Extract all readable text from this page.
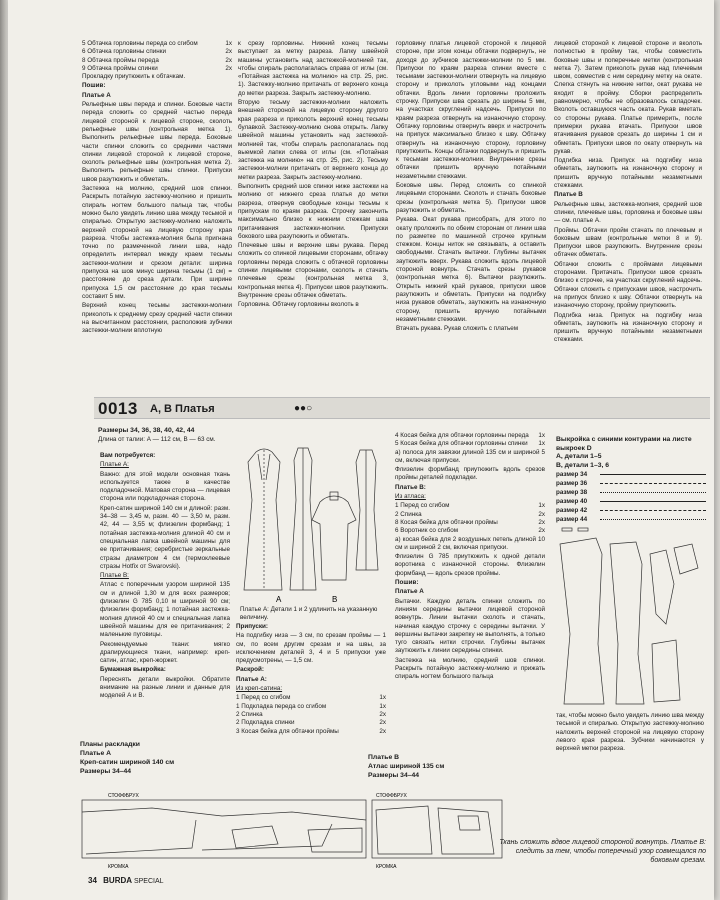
5 Обтачка горловины переда со сгибом	1x
6 Обтачка горловины спинки	2x
8 Обтачка проймы переда	2x
9 Обтачка проймы спинки	2x

Прокладку приутюжить к обтачкам.

Пошив:

Платье А

Рельефные швы переда и спинки. Боковые части переда сложить со средней частью переда лицевой стороной к лицевой стороне, сколоть рельефные швы (контрольная метка 1). Выполнить рельефные швы переда. Боковые части спинки сложить со средними частями спинки лицевой стороной к лицевой стороне, сколоть рельефные швы (контрольная метка 2). Выполнить рельефные швы спинки. Припуски швов разутюжить и обметать.

Застежка на молнию, средний шов спинки. Раскрыть потайную застежку-молнию и пришить спираль ногтем большого пальца так, чтобы можно было увидеть линию шва между тесьмой и спиралью. Открытую застежку-молнию наложить верхней стороной на лицевую сторону края разреза. Чтобы застежка-молния была пригнана точно по размеченной линии шва, надо определить интервал между краем тесьмы застежки-молнии и срезом детали: ширина припуска на шов минус ширина тесьмы (1 см) = расстояние до среза детали. При ширине припуска 1,5 см расстояние до края тесьмы составит 5 мм.

Верхний конец тесьмы застежки-молнии приколоть к среднему срезу средней части спинки на высчитанном расстоянии, расположив зубчики застежки-молнии вплотную

к срезу горловины. Нижний конец тесьмы выступает за метку разреза. Лапку швейной машины установить над застежкой-молнией так, чтобы спираль располагалась справа от иглы (см. «Потайная застежка на молнию» на стр. 25, рис. 1). Застежку-молнию притачать от верхнего конца до метки разреза. Закрыть застежку-молнию.

Вторую тесьму застежки-молнии наложить внешней стороной на лицевую сторону другого края разреза и приколоть верхний конец тесьмы булавкой. Застежку-молнию снова открыть. Лапку швейной машины установить над застежкой-молнией так, чтобы спираль располагалась под выемкой лапки слева от иглы (см. «Потайная застежка на молнию» на стр. 25, рис. 2). Тесьму застежки-молнии притачать от верхнего конца до метки разреза. Закрыть застежку-молнию.

Выполнить средний шов спинки ниже застежки на молнию от нижнего среза платья до метки разреза, отвернув свободные концы тесьмы к припускам по краям разреза. Строчку закончить максимально близко к нижним стежкам шва притачивания застежки-молнии. Припуски бокового шва разутюжить и обметать.

Плечевые швы и верхние швы рукава. Перед сложить со спинкой лицевыми сторонами, обтачку горловины переда сложить с обтачкой горловины спинки лицевыми сторонами, сколоть и стачать плечевые срезы (контрольная метка 3, контрольная метка 4). Припуски швов разутюжить. Внутренние срезы обтачек обметать.

Горловина. Обтачку горловины вколоть в

горловину платья лицевой стороной к лицевой стороне, при этом концы обтачки подвернуть, не доходя до зубчиков застежки-молнии по 5 мм. Припуски по краям разреза спинки вместе с тесьмами застежки-молнии отвернуть на лицевую сторону и приколоть угловыми над концами обтачки. Вдоль линии горловины проложить строчку. Припуски шва срезать до ширины 5 мм, на участках скруглений надсечь. Припуски по краям разреза отвернуть на изнаночную сторону. Обтачку горловины отвернуть вверх и настрочить на припуск максимально близко к шву. Обтачку отвернуть на изнаночную сторону, горловину приутюжить. Концы обтачки подвернуть и пришить к тесьмам застежки-молнии. Внутренние срезы обтачки пришить вручную потайными незаметными стежками.

Боковые швы. Перед сложить со спинкой лицевыми сторонами. Сколоть и стачать боковые срезы (контрольная метка 5). Припуски швов разутюжить и обметать.

Рукава. Окат рукава присобрать, для этого по окату проложить по обеим сторонам от линии шва по разметке по машинной строчке крупным стежком. Концы ниток не связывать, а оставить свободными. Стачать вытачки. Глубины вытачек заутюжить вверх. Рукава сложить вдоль лицевой стороной вовнутрь. Стачать срезы рукавов (контрольная метка 6). Вытачки разутюжить. Открыть нижний край рукавов, припуски швов разутюжить и обметать. Припуски на подгибку низа рукавов обметать, заутюжить на изнаночную сторону, пришить вручную потайными незаметными стежками.

Втачать рукава. Рукав сложить с платьем

лицевой стороной к лицевой стороне и вколоть полностью в пройму так, чтобы совместить боковые швы и поперечные метки (контрольная метка 7). Затем приколоть рукав над плечевым швом, совместив с ним середину метку на окате. Слегка стянуть на нижние нитки, окат рукава не входит в пройму. Сборки распределить равномерно, чтобы не образовалось складочек. Вколоть оставшуюся часть оката. Рукав вметать со стороны рукава. Платье примерить, после примерки рукава втачать. Припуски швов втачивания рукавов срезать до ширины 1 см и обметать. Припуски швов по окату отвернуть на рукав.

Подгибка низа. Припуск на подгибку низа обметать, заутюжить на изнаночную сторону и пришить вручную потайными незаметными стежками.

Платье В

Рельефные швы, застежка-молния, средний шов спинки, плечевые швы, горловина и боковые швы — см. платье А.

Проймы. Обтачки пройм стачать по плечевым и боковым швам (контрольные метки 8 и 9). Припуски швов разутюжить. Внутренние срезы обтачек обметать.

Обтачки сложить с проймами лицевыми сторонами. Притачать. Припуски швов срезать близко к строчке, на участках скруглений надсечь. Обтачки сложить с припусками швов, настрочить на припуск близко к шву. Обтачки отвернуть на изнаночную сторону, пройму приутюжить.

Подгибка низа. Припуск на подгибку низа обметать, заутюжить на изнаночную сторону и пришить вручную потайными незаметными стежками.

0013 A, B Платья	●●○
Размеры 34, 36, 38, 40, 42, 44
Длина от талии: А — 112 см, В — 63 см.

Вам потребуется:

Платье А:

Важно: для этой модели основная ткань используется также в качестве подкладочной. Матовая сторона — лицевая сторона или подкладочная сторона.

Креп-сатин шириной 140 см и длиной: разм. 34–38 — 3,45 м, разм. 40 — 3,50 м, разм. 42, 44 — 3,55 м; флизелин формбанд; 1 потайная застежка-молния длиной 40 см и специальная лапка швейной машины для ее притачивания; серебристые зеркальные стразы диаметром 4 см (термоклеевые стразы Hotfix от Swarovski).

Платье В:

Атлас с поперечным узором шириной 135 см и длиной 1,30 м для всех размеров; флизелин G 785 0,10 м шириной 90 см; флизелин формбанд; 1 потайная застежка-молния длиной 40 см и специальная лапка швейной машины для ее притачивания; 2 маленькие пуговицы.

Рекомендуемые ткани: мягко драпирующиеся ткани, например: креп-сатин, атлас, креп-жоржет.

Бумажная выкройка:

Переснять детали выкройки. Обратите внимание на разные линии и данные для моделей А и В.

A	B
Платье А: Детали 1 и 2 удлинить на указанную величину.

Припуски:

На подгибку низа — 3 см, по срезам проймы — 1 см, по всем другим срезам и на швы, за исключением деталей 3, 4 и 5 припуски уже предусмотрены, — 1,5 см.

Раскрой:

Платье А:

Из креп-сатина:

1 Перед со сгибом	1x
1 Подкладка переда со сгибом	1x
2 Спинка	2x
2 Подкладка спинки	2x
3 Косая бейка для обтачки проймы	2x
4 Косая бейка для обтачки горловины переда 1x
5 Косая бейка для обтачки горловины спинки 1x

а) полоса для завязки длиной 135 см и шириной 5 см, включая припуски.

Флизелин формбанд приутюжить вдоль срезов проймы деталей подкладки.

Платье В:

Из атласа:

1 Перед со сгибом	1x
2 Спинка	2x
8 Косая бейка для обтачки проймы	2x
6 Воротник со сгибом	2x

а) косая бейка для 2 воздушных петель длиной 10 см и шириной 2 см, включая припуски.

Флизелин G 785 приутюжить к одной детали воротника с изнаночной стороны. Флизелин формбанд — вдоль срезов проймы.

Пошив:

Платье А

Вытачки. Каждую деталь спинки сложить по линиям середины вытачки лицевой стороной вовнутрь. Линии вытачки сколоть и стачать, начиная каждую строчку с середины вытачки. У вершины вытачки закрепку не выполнять, а только туго связать нитки строчки. Глубины вытачек заутюжить к линии середины спинки.

Застежка на молнию, средний шов спинки. Раскрыть потайную застежку-молнию и прижать спираль ногтем большого пальца

Выкройка с синими контурами на листе выкроек D
А, детали 1–5
В, детали 1–3, 6
размер 34
размер 36
размер 38
размер 40
размер 42
размер 44

так, чтобы можно было увидеть линию шва между тесьмой и спиралью. Открытую застежку-молнию наложить верхней стороной на лицевую сторону левого края разреза. Зубчики начинаются у верхней метки разреза.

Планы раскладки
Платье А
Креп-сатин шириной 140 см
Размеры 34–44
Платье В
Атлас шириной 135 см
Размеры 34–44
СТОФФБРУХ
КРОМКА
СТОФФБРУХ
КРОМКА
Ткань сложить вдвое лицевой стороной вовнутрь. Платье В: следить за тем, чтобы поперечный узор совмещался по боковым срезам.
34 BURDA SPECIAL
